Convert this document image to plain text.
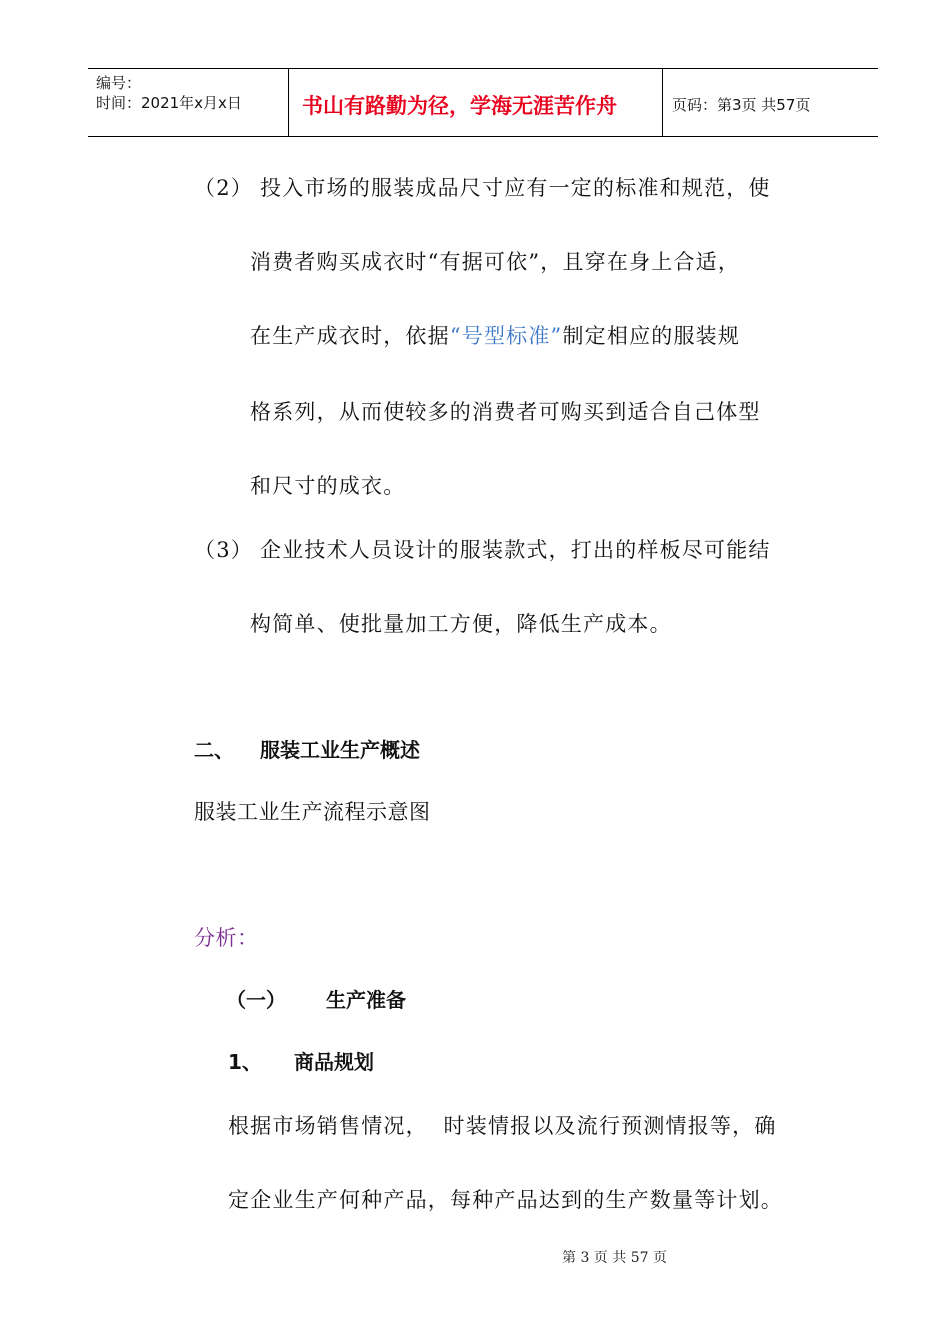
编号：
时间：2021年x月x日	书山有路勤为径，学海无涯苦作舟	页码：第3页 共57页
（2） 投入市场的服装成品尺寸应有一定的标准和规范，使
消费者购买成衣时“有据可依”，且穿在身上合适，
在生产成衣时，依据“号型标准”制定相应的服装规
格系列，从而使较多的消费者可购买到适合自己体型
和尺寸的成衣。
（3） 企业技术人员设计的服装款式，打出的样板尽可能结
构简单、使批量加工方便，降低生产成本。
二、 服装工业生产概述
服装工业生产流程示意图
分析：
（一） 生产准备
1、 商品规划
根据市场销售情况，  时装情报以及流行预测情报等，确
定企业生产何种产品，每种产品达到的生产数量等计划。
第 3 页 共 57 页
